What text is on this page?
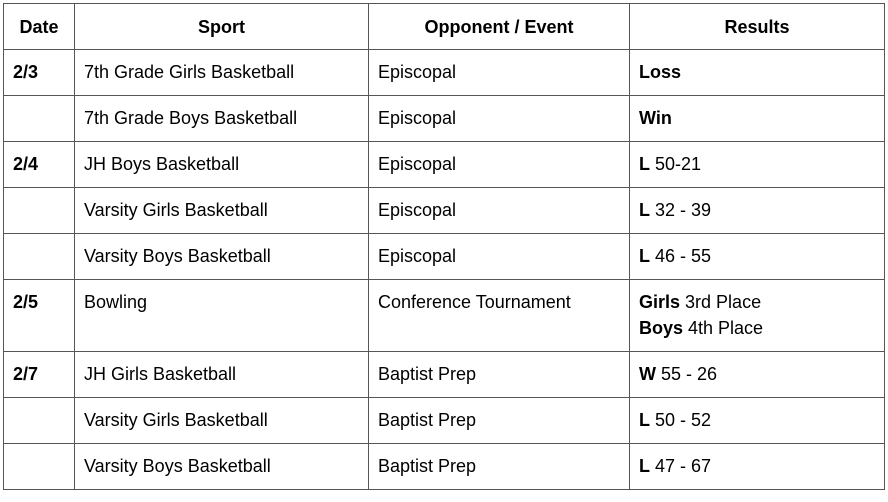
Date	Sport	Opponent / Event	Results
2/3	7th Grade Girls Basketball	Episcopal	Loss
	7th Grade Boys Basketball	Episcopal	Win
2/4	JH Boys Basketball	Episcopal	L 50-21
	Varsity Girls Basketball	Episcopal	L 32 - 39
	Varsity Boys Basketball	Episcopal	L 46 - 55
2/5	Bowling	Conference Tournament	Girls 3rd Place
Boys 4th Place

2/7	JH Girls Basketball	Baptist Prep	W 55 - 26
	Varsity Girls Basketball	Baptist Prep	L 50 - 52
	Varsity Boys Basketball	Baptist Prep	L 47 - 67
